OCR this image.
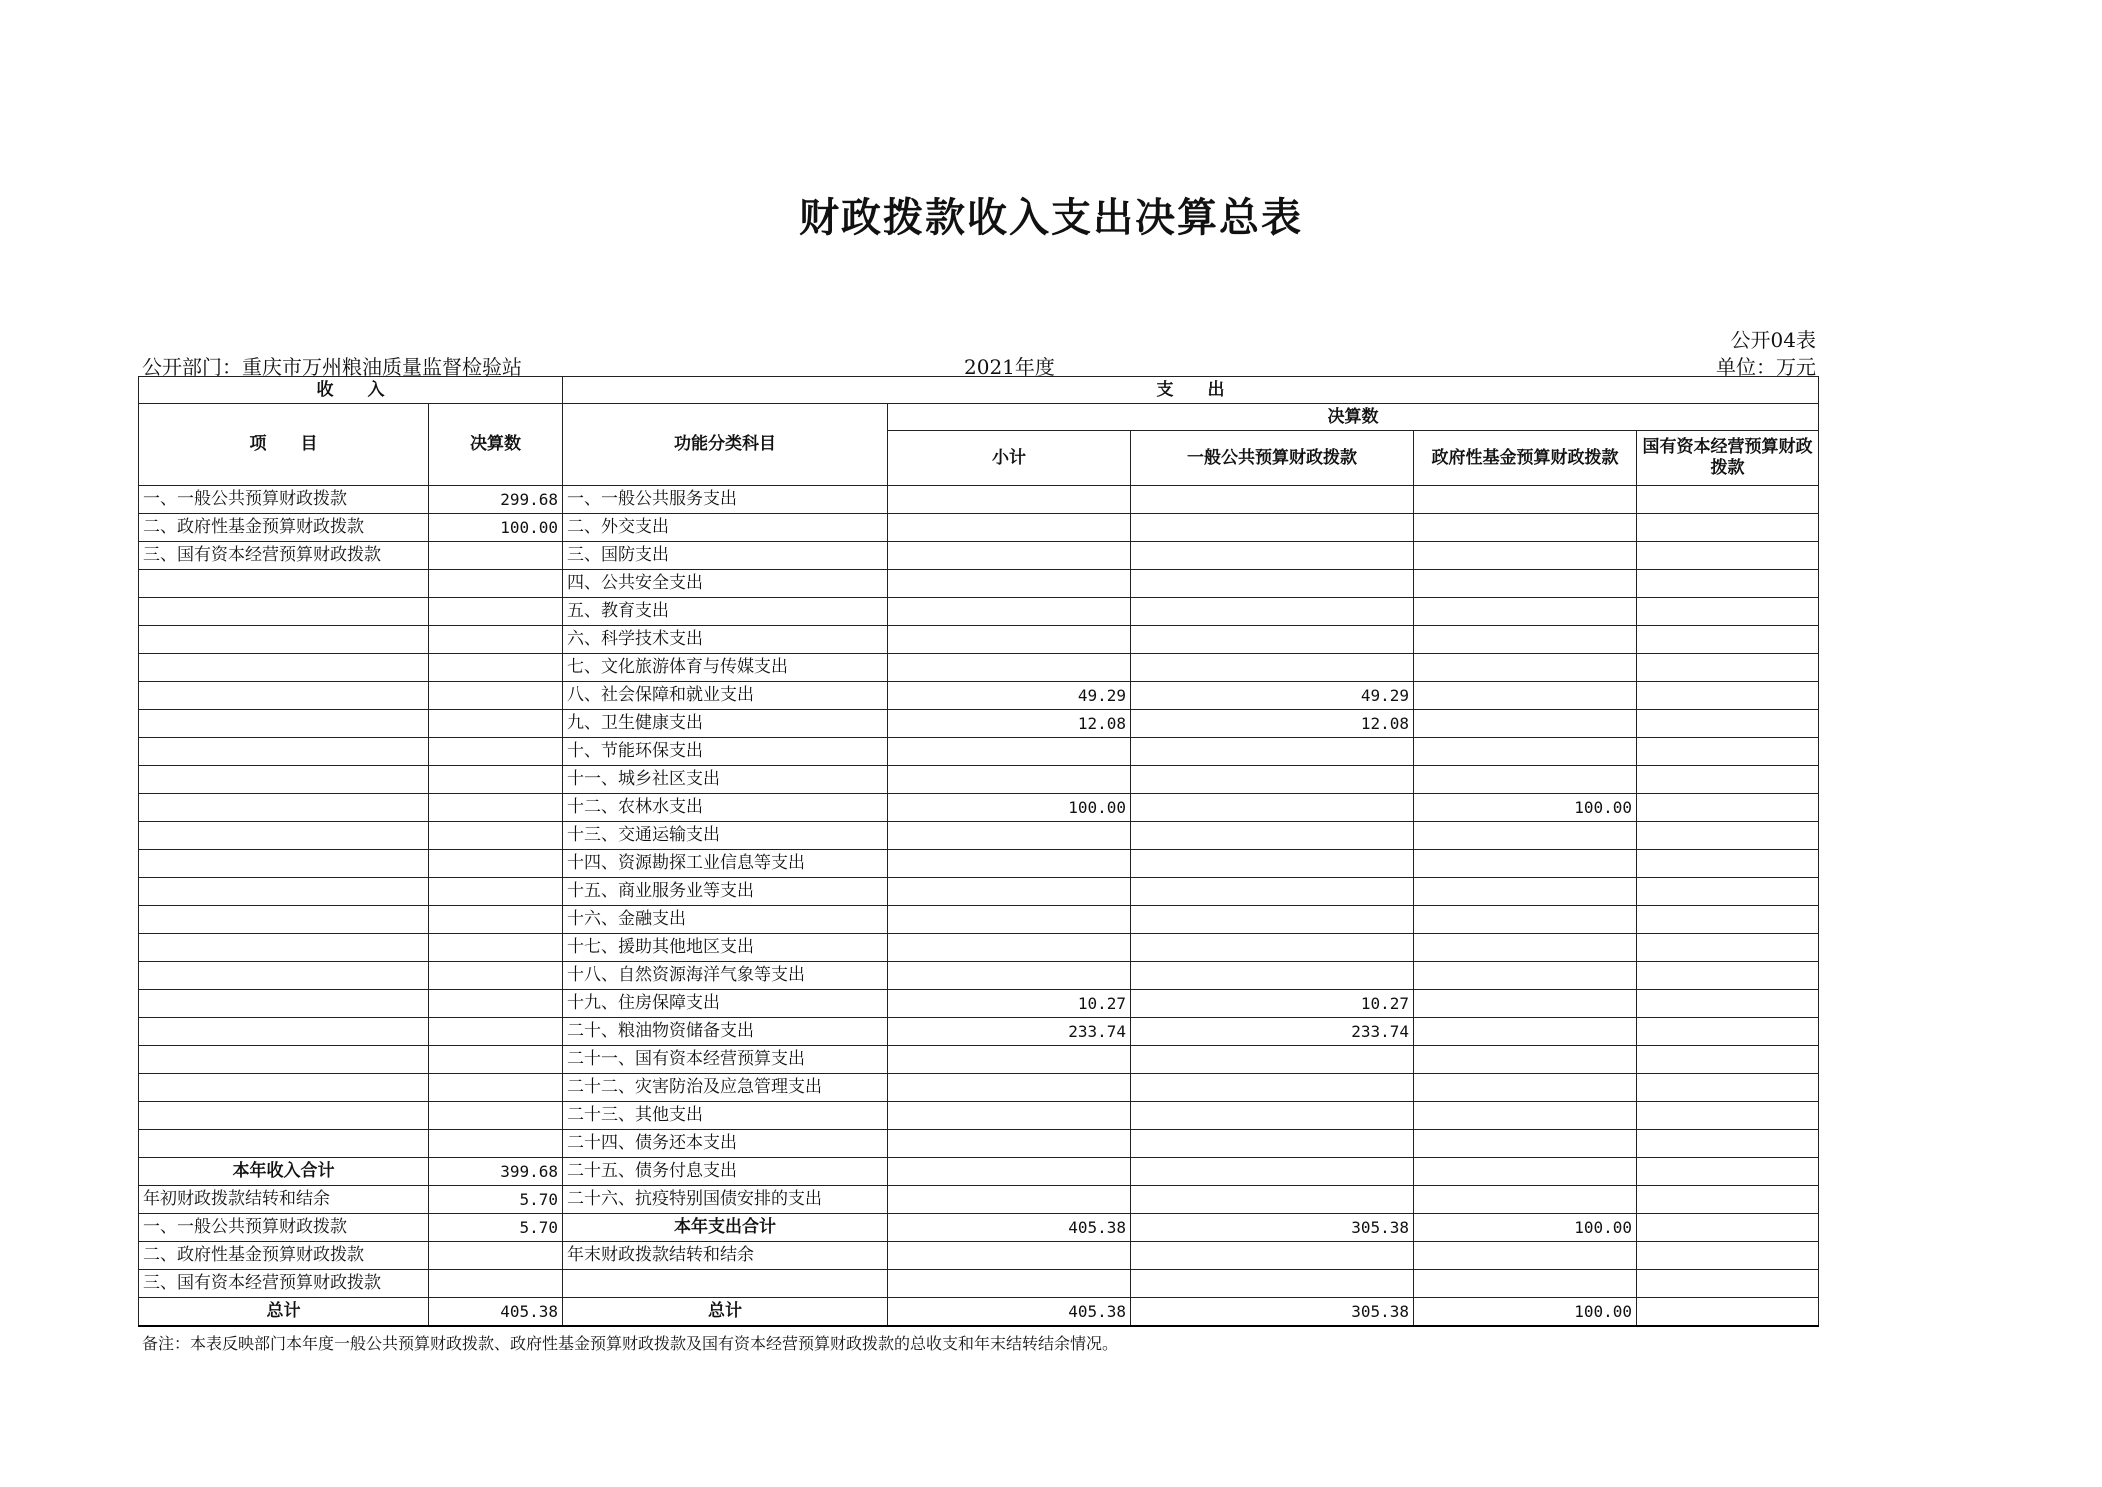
财政拨款收入支出决算总表
公开04表
公开部门：重庆市万州粮油质量监督检验站	2021年度	单位：万元
收　　入		支　　出				
项　　目	决算数	功能分类科目	决算数			
			小计	一般公共预算财政拨款	政府性基金预算财政拨款	国有资本经营预算财政拨款
一、一般公共预算财政拨款	299.68	一、一般公共服务支出				
二、政府性基金预算财政拨款	100.00	二、外交支出				
三、国有资本经营预算财政拨款		三、国防支出				
		四、公共安全支出				
		五、教育支出				
		六、科学技术支出				
		七、文化旅游体育与传媒支出				
		八、社会保障和就业支出	49.29	49.29		
		九、卫生健康支出	12.08	12.08		
		十、节能环保支出				
		十一、城乡社区支出				
		十二、农林水支出	100.00		100.00	
		十三、交通运输支出				
		十四、资源勘探工业信息等支出				
		十五、商业服务业等支出				
		十六、金融支出				
		十七、援助其他地区支出				
		十八、自然资源海洋气象等支出				
		十九、住房保障支出	10.27	10.27		
		二十、粮油物资储备支出	233.74	233.74		
		二十一、国有资本经营预算支出				
		二十二、灾害防治及应急管理支出				
		二十三、其他支出				
		二十四、债务还本支出				
本年收入合计	399.68	二十五、债务付息支出				
年初财政拨款结转和结余	5.70	二十六、抗疫特别国债安排的支出				
一、一般公共预算财政拨款	5.70	本年支出合计	405.38	305.38	100.00	
二、政府性基金预算财政拨款		年末财政拨款结转和结余				
三、国有资本经营预算财政拨款						
总计	405.38	总计	405.38	305.38	100.00	
备注：本表反映部门本年度一般公共预算财政拨款、政府性基金预算财政拨款及国有资本经营预算财政拨款的总收支和年末结转结余情况。
